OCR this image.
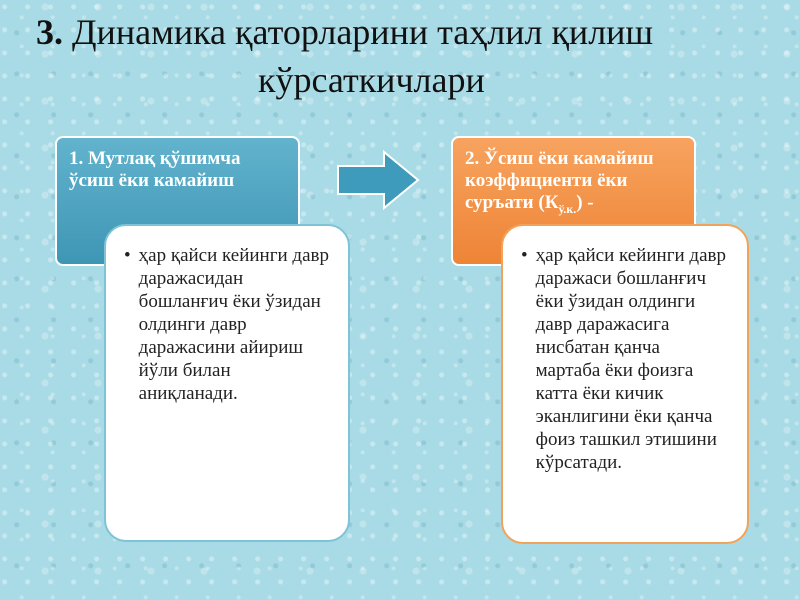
3. Динамика қаторларини таҳлил қилиш
кўрсаткичлари
1. Мутлақ қўшимча ўсиш ёки камайиш
2. Ўсиш ёки камайиш коэффициенти ёки суръати $(К_{ў.к.})$ -
• ҳар қайси кейинги давр даражасидан бошланғич ёки ўзидан олдинги давр даражасини айириш йўли билан аниқланади.
• ҳар қайси кейинги давр даражаси бошланғич ёки ўзидан олдинги давр даражасига нисбатан қанча мартаба ёки фоизга катта ёки кичик эканлигини ёки қанча фоиз ташкил этишини кўрсатади.
